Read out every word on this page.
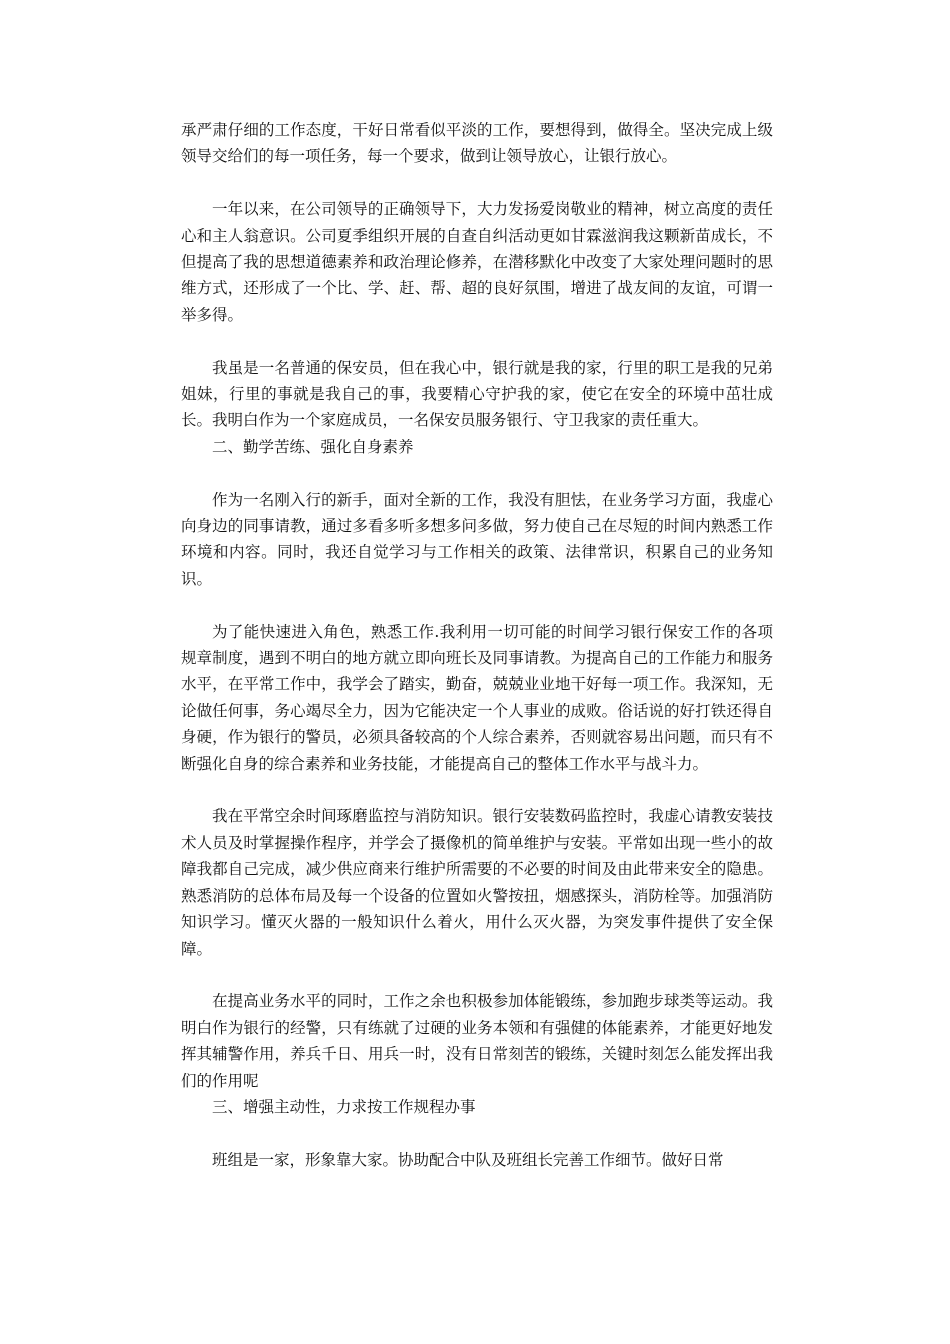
承严肃仔细的工作态度，干好日常看似平淡的工作，要想得到，做得全。坚决完成上级领导交给们的每一项任务，每一个要求，做到让领导放心，让银行放心。

一年以来，在公司领导的正确领导下，大力发扬爱岗敬业的精神，树立高度的责任心和主人翁意识。公司夏季组织开展的自查自纠活动更如甘霖滋润我这颗新苗成长，不但提高了我的思想道德素养和政治理论修养，在潜移默化中改变了大家处理问题时的思维方式，还形成了一个比、学、赶、帮、超的良好氛围，增进了战友间的友谊，可谓一举多得。

我虽是一名普通的保安员，但在我心中，银行就是我的家，行里的职工是我的兄弟姐妹，行里的事就是我自己的事，我要精心守护我的家，使它在安全的环境中茁壮成长。我明白作为一个家庭成员，一名保安员服务银行、守卫我家的责任重大。

二、勤学苦练、强化自身素养

作为一名刚入行的新手，面对全新的工作，我没有胆怯，在业务学习方面，我虚心向身边的同事请教，通过多看多听多想多问多做，努力使自己在尽短的时间内熟悉工作环境和内容。同时，我还自觉学习与工作相关的政策、法律常识，积累自己的业务知识。

为了能快速进入角色，熟悉工作.我利用一切可能的时间学习银行保安工作的各项规章制度，遇到不明白的地方就立即向班长及同事请教。为提高自己的工作能力和服务水平，在平常工作中，我学会了踏实，勤奋，兢兢业业地干好每一项工作。我深知，无论做任何事，务心竭尽全力，因为它能决定一个人事业的成败。俗话说的好打铁还得自身硬，作为银行的警员，必须具备较高的个人综合素养，否则就容易出问题，而只有不断强化自身的综合素养和业务技能，才能提高自己的整体工作水平与战斗力。

我在平常空余时间琢磨监控与消防知识。银行安装数码监控时，我虚心请教安装技术人员及时掌握操作程序，并学会了摄像机的简单维护与安装。平常如出现一些小的故障我都自己完成，减少供应商来行维护所需要的不必要的时间及由此带来安全的隐患。熟悉消防的总体布局及每一个设备的位置如火警按扭，烟感探头，消防栓等。加强消防知识学习。懂灭火器的一般知识什么着火，用什么灭火器，为突发事件提供了安全保障。

在提高业务水平的同时，工作之余也积极参加体能锻练，参加跑步球类等运动。我明白作为银行的经警，只有练就了过硬的业务本领和有强健的体能素养，才能更好地发挥其辅警作用，养兵千日、用兵一时，没有日常刻苦的锻练，关键时刻怎么能发挥出我们的作用呢

三、增强主动性，力求按工作规程办事

班组是一家，形象靠大家。协助配合中队及班组长完善工作细节。做好日常
